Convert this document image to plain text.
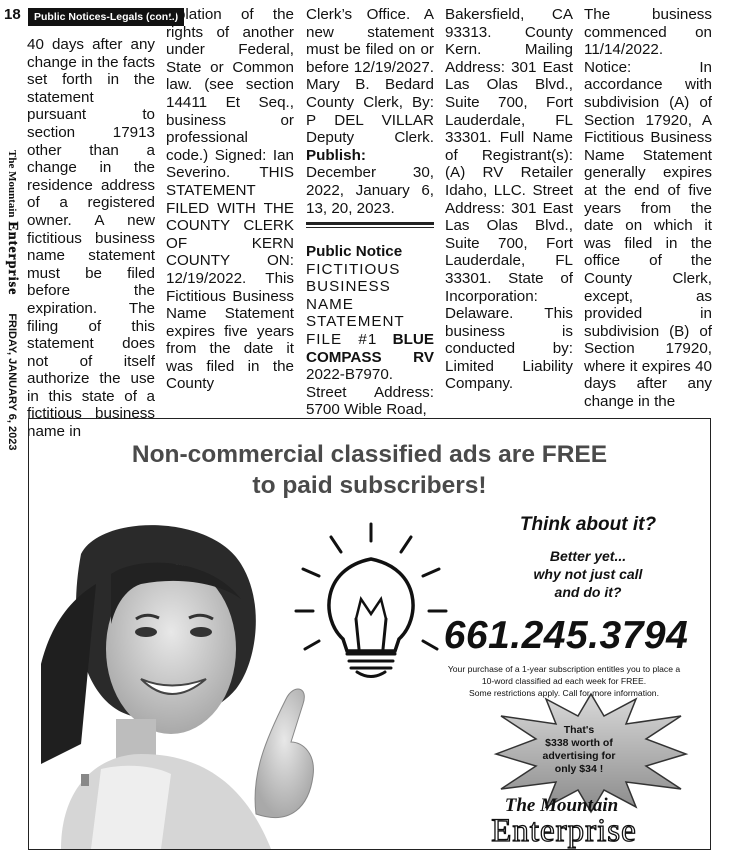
18	Public Notices-Legals (cont.)
The Mountain
Enterprise
FRIDAY, JANUARY 6, 2023

40 days after any change in the facts set forth in the statement pursuant to section 17913 other than a change in the residence address of a registered owner. A new fictitious business name statement must be filed before the expiration. The filing of this statement does not of itself authorize the use in this state of a fictitious business name in

violation of the rights of another under Federal, State or Common law. (see section 14411 Et Seq., business or professional code.) Signed: Ian Severino. THIS STATEMENT FILED WITH THE COUNTY CLERK OF KERN COUNTY ON: 12/19/2022. This Fictitious Business Name Statement expires five years from the date it was filed in the County

Clerk’s Office. A new statement must be filed on or before 12/19/2027. Mary B. Bedard County Clerk, By: P DEL VILLAR Deputy Clerk. Publish: December 30, 2022, January 6, 13, 20, 2023.

Public Notice

FICTITIOUS BUSINESS NAME STATEMENT FILE #1 BLUE COMPASS RV 2022-B7970. Street Address: 5700 Wible Road,

Bakersfield, CA 93313. County Kern. Mailing Address: 301 East Las Olas Blvd., Suite 700, Fort Lauderdale, FL 33301. Full Name of Registrant(s): (A) RV Retailer Idaho, LLC. Street Address: 301 East Las Olas Blvd., Suite 700, Fort Lauderdale, FL 33301. State of Incorporation: Delaware. This business is conducted by: Limited Liability Company.

The business commenced on 11/14/2022. Notice: In accordance with subdivision (A) of Section 17920, A Fictitious Business Name Statement generally expires at the end of five years from the date on which it was filed in the office of the County Clerk, except, as provided in subdivision (B) of Section 17920, where it expires 40 days after any change in the

Non-commercial classified ads are FREE
to paid subscribers!
Think about it?
Better yet...
why not just call
and do it?
661.245.3794
Your purchase of a 1-year subscription entitles you to place a
10-word classified ad each week for FREE.
Some restrictions apply. Call for more information.
That's
$338 worth of
advertising for
only $34 !
The Mountain
Enterprise
